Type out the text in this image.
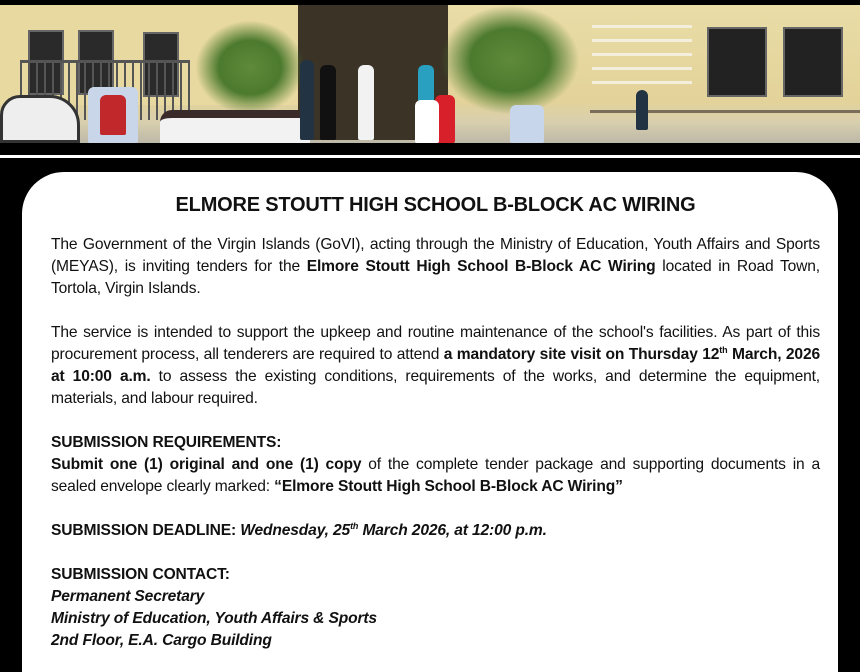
ELMORE STOUTT HIGH SCHOOL B-BLOCK AC WIRING

The Government of the Virgin Islands (GoVI), acting through the Ministry of Education, Youth Affairs and Sports (MEYAS), is inviting tenders for the Elmore Stoutt High School B-Block AC Wiring located in Road Town, Tortola, Virgin Islands.

The service is intended to support the upkeep and routine maintenance of the school's facilities. As part of this procurement process, all tenderers are required to attend a mandatory site visit on Thursday 12th March, 2026 at 10:00 a.m. to assess the existing conditions, requirements of the works, and determine the equipment, materials, and labour required.

SUBMISSION REQUIREMENTS:
Submit one (1) original and one (1) copy of the complete tender package and supporting documents in a sealed envelope clearly marked: “Elmore Stoutt High School B-Block AC Wiring”

SUBMISSION DEADLINE: Wednesday, 25th March 2026, at 12:00 p.m.

SUBMISSION CONTACT:
Permanent Secretary
Ministry of Education, Youth Affairs & Sports
2nd Floor, E.A. Cargo Building
